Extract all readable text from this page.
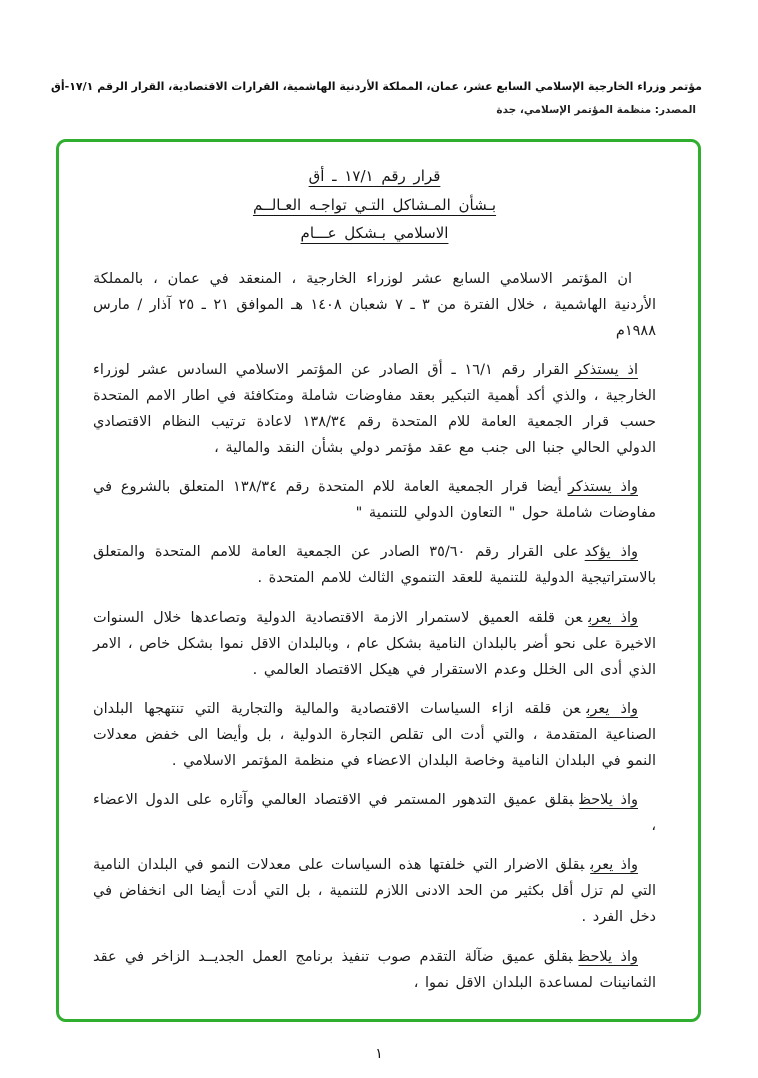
مؤتمر وزراء الخارجية الإسلامي السابع عشر، عمان، المملكة الأردنية الهاشمية، القرارات الاقتصادية، القرار الرقم ١٧/١-أق
المصدر: منظمة المؤتمر الإسلامي، جدة
قرار رقم ١٧/١ ـ أق
بـشأن المـشاكل التـي تواجـه العـالــم
الاسلامي بـشكل عـــام

ان المؤتمر الاسلامي السابع عشر لوزراء الخارجية ، المنعقد في عمان ، بالمملكة الأردنية الهاشمية ، خلال الفترة من ٣ ـ ٧ شعبان ١٤٠٨ هـ الموافق ٢١ ـ ٢٥ آذار / مارس ١٩٨٨م

اذ يستذكرالقرار رقم ١٦/١ ـ أق الصادر عن المؤتمر الاسلامي السادس عشر لوزراء الخارجية ، والذي أكد أهمية التبكير بعقد مفاوضات شاملة ومتكافئة في اطار الامم المتحدة حسب قرار الجمعية العامة للام المتحدة رقم ١٣٨/٣٤ لاعادة ترتيب النظام الاقتصادي الدولي الحالي جنبا الى جنب مع عقد مؤتمر دولي بشأن النقد والمالية ،

واذ يستذكرأيضا قرار الجمعية العامة للام المتحدة رقم ١٣٨/٣٤ المتعلق بالشروع في مفاوضات شاملة حول " التعاون الدولي للتنمية "

واذ يؤكدعلى القرار رقم ٣٥/٦٠ الصادر عن الجمعية العامة للامم المتحدة والمتعلق بالاستراتيجية الدولية للتنمية للعقد التنموي الثالث للامم المتحدة .

واذ يعربعن قلقه العميق لاستمرار الازمة الاقتصادية الدولية وتصاعدها خلال السنوات الاخيرة على نحو أضر بالبلدان النامية بشكل عام ، وبالبلدان الاقل نموا بشكل خاص ، الامر الذي أدى الى الخلل وعدم الاستقرار في هيكل الاقتصاد العالمي .

واذ يعربعن قلقه ازاء السياسات الاقتصادية والمالية والتجارية التي تنتهجها البلدان الصناعية المتقدمة ، والتي أدت الى تقلص التجارة الدولية ، بل وأيضا الى خفض معدلات النمو في البلدان النامية وخاصة البلدان الاعضاء في منظمة المؤتمر الاسلامي .

واذ يلاحظبقلق عميق التدهور المستمر في الاقتصاد العالمي وآثاره على الدول الاعضاء ،

واذ يعرببقلق الاضرار التي خلفتها هذه السياسات على معدلات النمو في البلدان النامية التي لم تزل أقل بكثير من الحد الادنى اللازم للتنمية ، بل التي أدت أيضا الى انخفاض في دخل الفرد .

واذ يلاحظبقلق عميق ضآلة التقدم صوب تنفيذ برنامج العمل الجديــد الزاخر في عقد الثمانينات لمساعدة البلدان الاقل نموا ،

١
